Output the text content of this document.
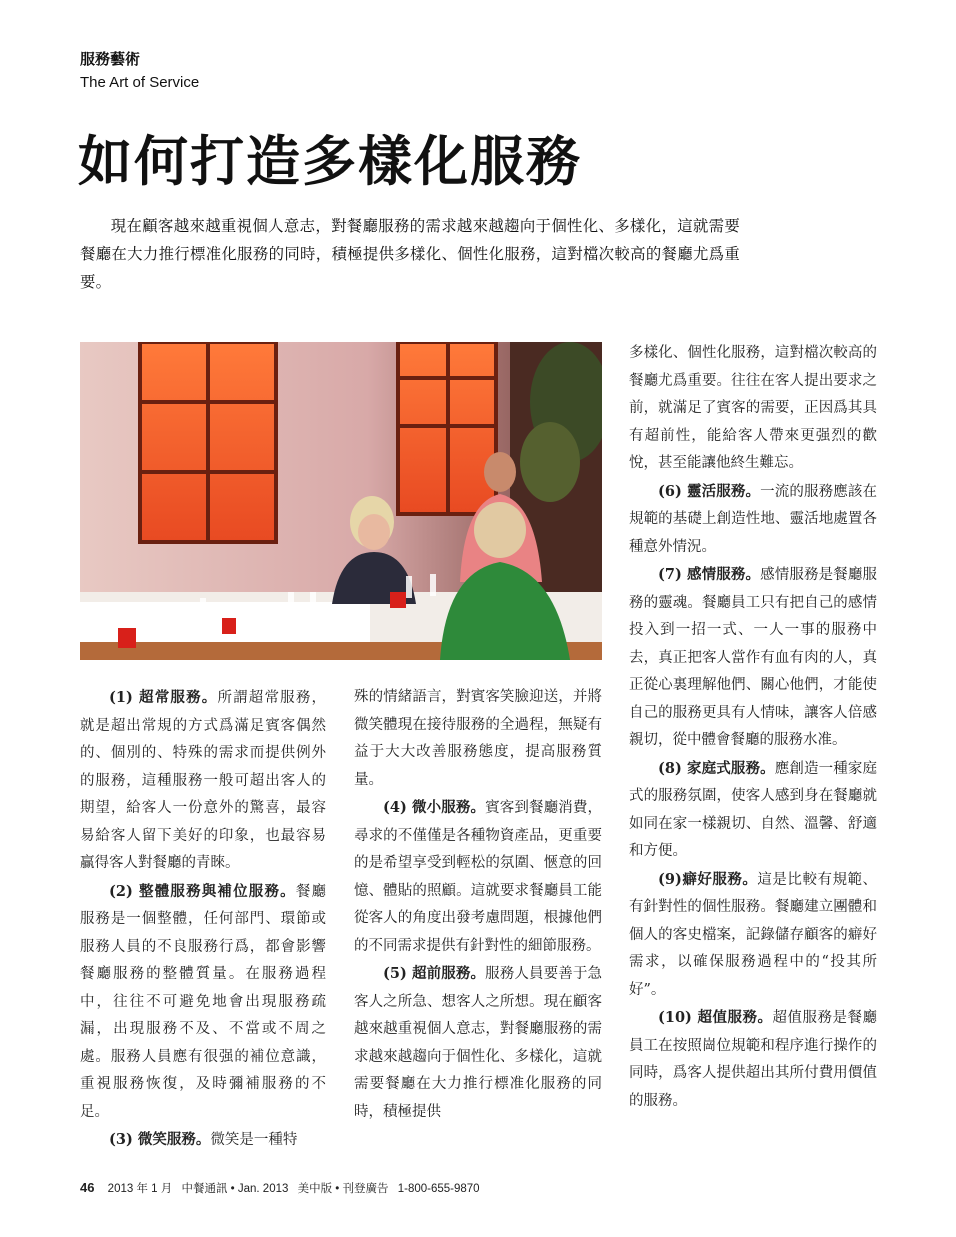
服務藝術
The Art of Service
如何打造多樣化服務
現在顧客越來越重視個人意志，對餐廳服務的需求越來越趨向于個性化、多樣化，這就需要餐廳在大力推行標准化服務的同時，積極提供多樣化、個性化服務，這對檔次較高的餐廳尤爲重要。

(1) 超常服務。所謂超常服務，就是超出常規的方式爲滿足賓客偶然的、個別的、特殊的需求而提供例外的服務，這種服務一般可超出客人的期望，給客人一份意外的驚喜，最容易給客人留下美好的印象，也最容易贏得客人對餐廳的青睞。

(2) 整體服務與補位服務。餐廳服務是一個整體，任何部門、環節或服務人員的不良服務行爲，都會影響餐廳服務的整體質量。在服務過程中，往往不可避免地會出現服務疏漏，出現服務不及、不當或不周之處。服務人員應有很强的補位意識，重視服務恢復，及時彌補服務的不足。

(3) 微笑服務。微笑是一種特

殊的情緒語言，對賓客笑臉迎送，并將微笑體現在接待服務的全過程，無疑有益于大大改善服務態度，提高服務質量。

(4) 微小服務。賓客到餐廳消費，尋求的不僅僅是各種物資產品，更重要的是希望享受到輕松的氛圍、愜意的回憶、體貼的照顧。這就要求餐廳員工能從客人的角度出發考慮問題，根據他們的不同需求提供有針對性的細節服務。

(5) 超前服務。服務人員要善于急客人之所急、想客人之所想。現在顧客越來越重視個人意志，對餐廳服務的需求越來越趨向于個性化、多樣化，這就需要餐廳在大力推行標准化服務的同時，積極提供

多樣化、個性化服務，這對檔次較高的餐廳尤爲重要。往往在客人提出要求之前，就滿足了賓客的需要，正因爲其具有超前性，能給客人帶來更强烈的歡悅，甚至能讓他終生難忘。

(6) 靈活服務。一流的服務應該在規範的基礎上創造性地、靈活地處置各種意外情況。

(7) 感情服務。感情服務是餐廳服務的靈魂。餐廳員工只有把自己的感情投入到一招一式、一人一事的服務中去，真正把客人當作有血有肉的人，真正從心裏理解他們、關心他們，才能使自己的服務更具有人情味，讓客人倍感親切，從中體會餐廳的服務水准。

(8) 家庭式服務。應創造一種家庭式的服務氛圍，使客人感到身在餐廳就如同在家一樣親切、自然、溫馨、舒適和方便。

(9)癖好服務。這是比較有規範、有針對性的個性服務。餐廳建立團體和個人的客史檔案，記錄儲存顧客的癖好需求，以確保服務過程中的“投其所好”。

(10) 超值服務。超值服務是餐廳員工在按照崗位規範和程序進行操作的同時，爲客人提供超出其所付費用價值的服務。

46 2013 年 1 月 中餐通訊 • Jan. 2013 美中版 • 刊登廣告 1-800-655-9870
